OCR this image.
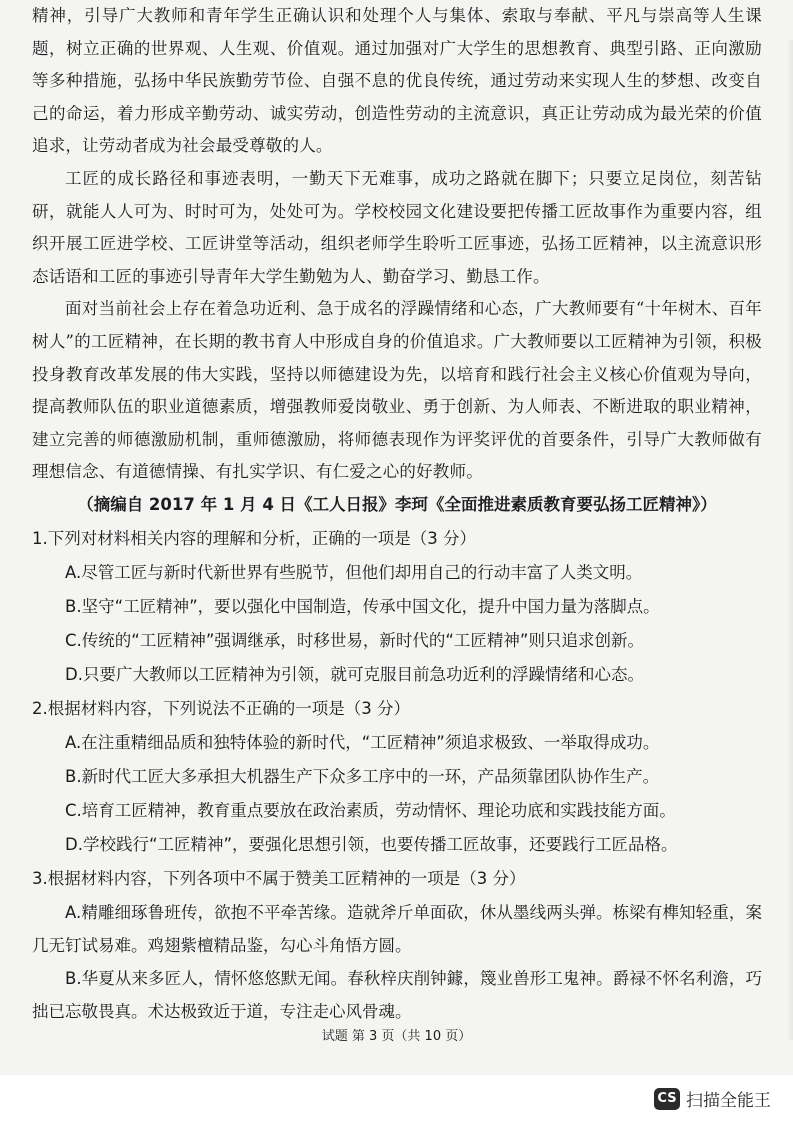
精神，引导广大教师和青年学生正确认识和处理个人与集体、索取与奉献、平凡与崇高等人生课题，树立正确的世界观、人生观、价值观。通过加强对广大学生的思想教育、典型引路、正向激励等多种措施，弘扬中华民族勤劳节俭、自强不息的优良传统，通过劳动来实现人生的梦想、改变自己的命运，着力形成辛勤劳动、诚实劳动，创造性劳动的主流意识，真正让劳动成为最光荣的价值追求，让劳动者成为社会最受尊敬的人。

工匠的成长路径和事迹表明，一勤天下无难事，成功之路就在脚下；只要立足岗位，刻苦钻研，就能人人可为、时时可为，处处可为。学校校园文化建设要把传播工匠故事作为重要内容，组织开展工匠进学校、工匠讲堂等活动，组织老师学生聆听工匠事迹，弘扬工匠精神，以主流意识形态话语和工匠的事迹引导青年大学生勤勉为人、勤奋学习、勤恳工作。

面对当前社会上存在着急功近利、急于成名的浮躁情绪和心态，广大教师要有“十年树木、百年树人”的工匠精神，在长期的教书育人中形成自身的价值追求。广大教师要以工匠精神为引领，积极投身教育改革发展的伟大实践，坚持以师德建设为先，以培育和践行社会主义核心价值观为导向，提高教师队伍的职业道德素质，增强教师爱岗敬业、勇于创新、为人师表、不断进取的职业精神，建立完善的师德激励机制，重师德激励，将师德表现作为评奖评优的首要条件，引导广大教师做有理想信念、有道德情操、有扎实学识、有仁爱之心的好教师。

（摘编自 2017 年 1 月 4 日《工人日报》李珂《全面推进素质教育要弘扬工匠精神》）

1.下列对材料相关内容的理解和分析，正确的一项是（3 分）

A.尽管工匠与新时代新世界有些脱节，但他们却用自己的行动丰富了人类文明。

B.坚守“工匠精神”，要以强化中国制造，传承中国文化，提升中国力量为落脚点。

C.传统的“工匠精神”强调继承，时移世易，新时代的“工匠精神”则只追求创新。

D.只要广大教师以工匠精神为引领，就可克服目前急功近利的浮躁情绪和心态。

2.根据材料内容，下列说法不正确的一项是（3 分）

A.在注重精细品质和独特体验的新时代，“工匠精神”须追求极致、一举取得成功。

B.新时代工匠大多承担大机器生产下众多工序中的一环，产品须靠团队协作生产。

C.培育工匠精神，教育重点要放在政治素质，劳动情怀、理论功底和实践技能方面。

D.学校践行“工匠精神”，要强化思想引领，也要传播工匠故事，还要践行工匠品格。

3.根据材料内容，下列各项中不属于赞美工匠精神的一项是（3 分）

A.精雕细琢鲁班传，欲抱不平牵苦缘。造就斧斤单面砍，休从墨线两头弹。栋梁有榫知轻重，案几无钉试易难。鸡翅紫檀精品鉴，勾心斗角悟方圆。

B.华夏从来多匠人，情怀悠悠默无闻。春秋梓庆削钟鐻，篾业兽形工鬼神。爵禄不怀名利澹，巧拙已忘敬畏真。术达极致近于道，专注走心风骨魂。

试题 第 3 页（共 10 页）
CS 扫描全能王
